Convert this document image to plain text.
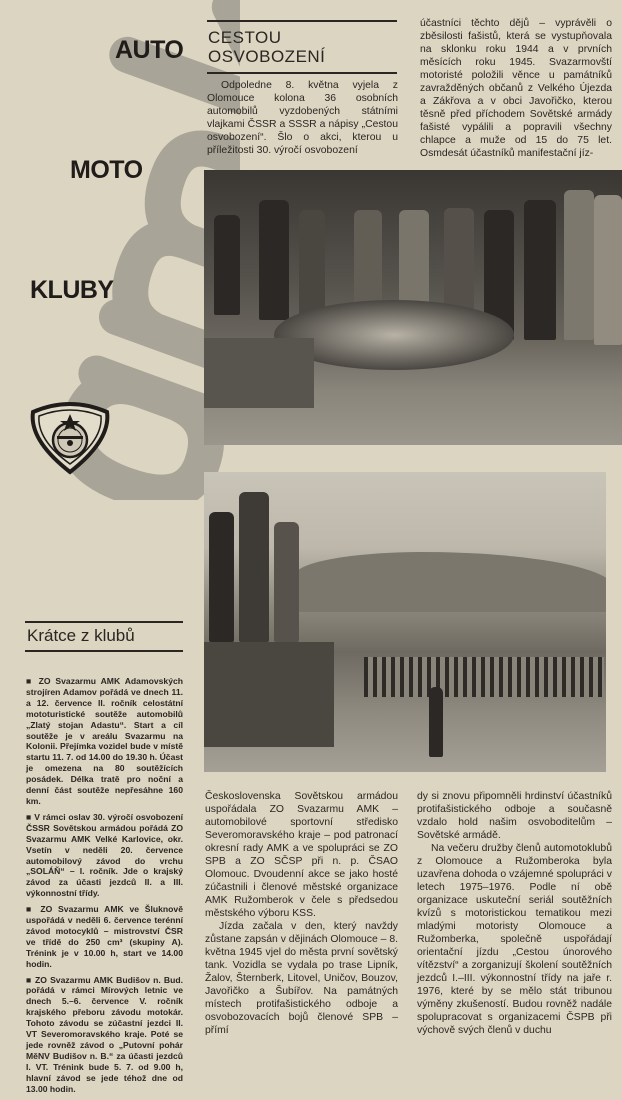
AUTO
MOTO
KLUBY
CESTOU
OSVOBOZENÍ

Odpoledne 8. května vyjela z Olomouce kolona 36 osobních automobilů vyzdobených státními vlajkami ČSSR a SSSR a nápisy „Cestou osvobození“. Šlo o akci, kterou u příležitosti 30. výročí osvobození

účastníci těchto dějů – vyprávěli o zběsilosti fašistů, která se vystupňovala na sklonku roku 1944 a v prvních měsících roku 1945. Svazarmovští motoristé položili věnce u památníků zavražděných občanů z Velkého Újezda a Zákřova a v obci Javořičko, kterou těsně před příchodem Sovětské armády fašisté vypálili a popravili všechny chlapce a muže od 15 do 75 let. Osmdesát účastníků manifestační jíz-

Československa Sovětskou armádou uspořádala ZO Svazarmu AMK – automobilové sportovní středisko Severomoravského kraje – pod patronací okresní rady AMK a ve spolupráci se ZO SPB a ZO SČSP při n. p. ČSAO Olomouc. Dvoudenní akce se jako hosté zúčastnili i členové městské organizace AMK Ružomberok v čele s předsedou městského výboru KSS.

Jízda začala v den, který navždy zůstane zapsán v dějinách Olomouce – 8. května 1945 vjel do města první sovětský tank. Vozidla se vydala po trase Lipník, Žalov, Šternberk, Litovel, Uničov, Bouzov, Javořičko a Šubířov. Na památných místech protifašistického odboje a osvobozovacích bojů členové SPB – přímí

dy si znovu připomněli hrdinství účastníků protifašistického odboje a současně vzdalo hold našim osvoboditelům – Sovětské armádě.

Na večeru družby členů automotoklubů z Olomouce a Ružomberoka byla uzavřena dohoda o vzájemné spolupráci v letech 1975–1976. Podle ní obě organizace uskuteční seriál soutěžních kvízů s motoristickou tematikou mezi mladými motoristy Olomouce a Ružomberka, společně uspořádají orientační jízdu „Cestou únorového vítězství“ a zorganizují školení soutěžních jezdců I.–III. výkonnostní třídy na jaře r. 1976, které by se mělo stát tribunou výměny zkušeností. Budou rovněž nadále spolupracovat s organizacemi ČSPB při výchově svých členů v duchu

Krátce z klubů

■ ZO Svazarmu AMK Adamovských strojíren Adamov pořádá ve dnech 11. a 12. července II. ročník celostátní mototuristické soutěže automobilů „Zlatý stojan Adastu“. Start a cíl soutěže je v areálu Svazarmu na Kolonii. Přejímka vozidel bude v místě startu 11. 7. od 14.00 do 19.30 h. Účast je omezena na 80 soutěžících posádek. Délka tratě pro noční a denní část soutěže nepřesáhne 160 km.

■ V rámci oslav 30. výročí osvobození ČSSR Sovětskou armádou pořádá ZO Svazarmu AMK Velké Karlovice, okr. Vsetín v neděli 20. července automobilový závod do vrchu „SOLÁŇ“ – I. ročník. Jde o krajský závod za účasti jezdců II. a III. výkonnostní třídy.

■ ZO Svazarmu AMK ve Šluknově uspořádá v neděli 6. července terénní závod motocyklů – mistrovství ČSR ve třídě do 250 cm³ (skupiny A). Trénink je v 10.00 h, start ve 14.00 hodin.

■ ZO Svazarmu AMK Budišov n. Bud. pořádá v rámci Mírových letnic ve dnech 5.–6. července V. ročník krajského přeboru závodu motokár. Tohoto závodu se zúčastní jezdci II. VT Severomoravského kraje. Poté se jede rovněž závod o „Putovní pohár MěNV Budišov n. B.“ za účasti jezdců I. VT. Trénink bude 5. 7. od 9.00 h, hlavní závod se jede téhož dne od 13.00 hodin.
